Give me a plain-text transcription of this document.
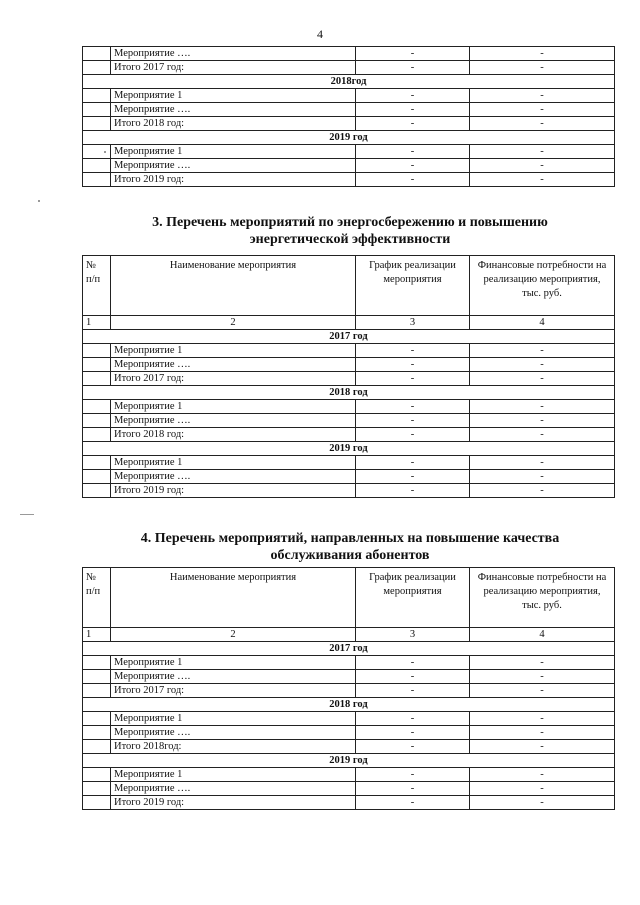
4
	Мероприятие ….	-	-
	Итого 2017 год:	-	-
2018год			
	Мероприятие 1	-	-
	Мероприятие ….	-	-
	Итого 2018 год:	-	-
2019 год			
	Мероприятие 1	-	-
	Мероприятие ….	-	-
	Итого 2019 год:	-	-
3. Перечень мероприятий по энергосбережению и повышению
энергетической эффективности
№ п/п	Наименование мероприятия	График реализации мероприятия	Финансовые потребности на реализацию мероприятия, тыс. руб.
1	2	3	4
2017 год			
	Мероприятие 1	-	-
	Мероприятие ….	-	-
	Итого 2017 год:	-	-
2018 год			
	Мероприятие 1	-	-
	Мероприятие ….	-	-
	Итого 2018 год:	-	-
2019 год			
	Мероприятие 1	-	-
	Мероприятие ….	-	-
	Итого 2019 год:	-	-
4. Перечень мероприятий, направленных на повышение качества
обслуживания абонентов
№ п/п	Наименование мероприятия	График реализации мероприятия	Финансовые потребности на реализацию мероприятия, тыс. руб.
1	2	3	4
2017 год			
	Мероприятие 1	-	-
	Мероприятие ….	-	-
	Итого 2017 год:	-	-
2018 год			
	Мероприятие 1	-	-
	Мероприятие ….	-	-
	Итого 2018год:	-	-
2019 год			
	Мероприятие 1	-	-
	Мероприятие ….	-	-
	Итого 2019 год:	-	-
